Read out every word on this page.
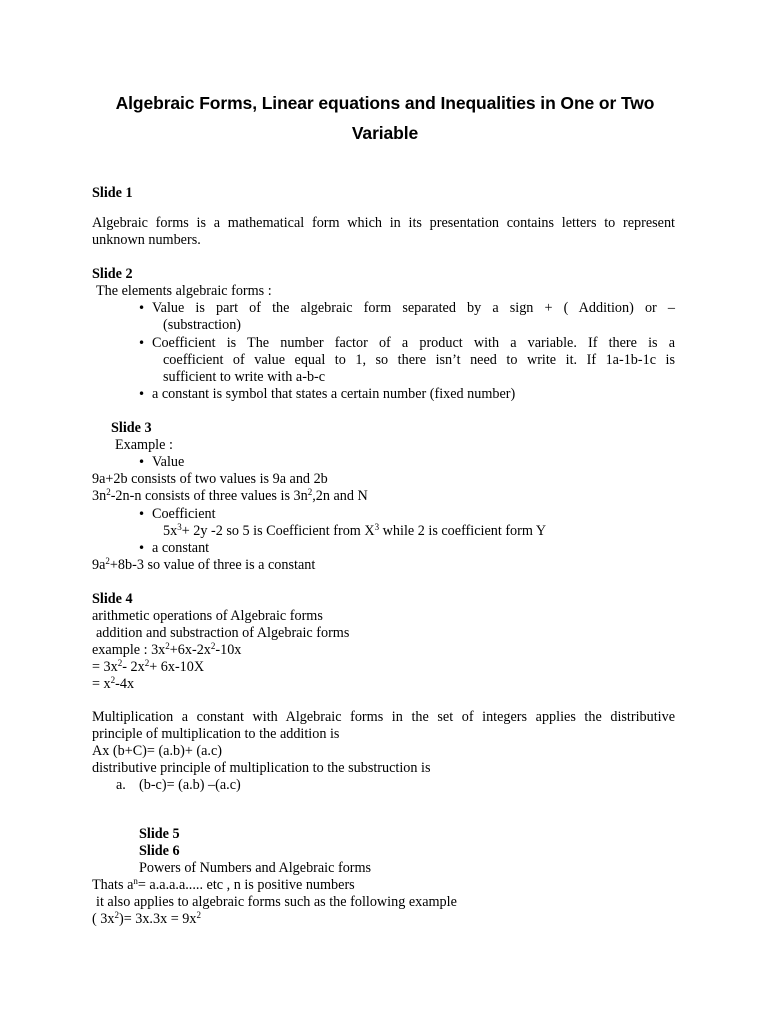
Algebraic Forms, Linear equations and Inequalities in One or Two Variable
Slide 1
Algebraic forms is a mathematical form which in its presentation contains letters to represent
unknown numbers.
Slide 2
The elements algebraic forms :
• Value is part of the algebraic form separated by a sign + ( Addition) or –
(substraction)
• Coefficient is The number factor of a product with a variable. If there is a
coefficient of value equal to 1, so there isn’t need to write it. If 1a-1b-1c is
sufficient to write with a-b-c
• a constant is symbol that states a certain number (fixed number)
Slide 3
Example :
• Value
9a+2b consists of two values is 9a and 2b
$3n^2-2n-n$ consists of three values is $3n^2,2n$ and N
• Coefficient
$5x^3+ 2y$ -2 so 5 is Coefficient from $X^3$ while 2 is coefficient form Y
• a constant
$9a^2+8b-3$ so value of three is a constant
Slide 4
arithmetic operations of Algebraic forms
addition and substraction of Algebraic forms
example : $3x^2+6x-2x^2-10x$
= $3x^2-$ $2x^2+ 6x-10X$
= $x^2-4x$
Multiplication a constant with Algebraic forms in the set of integers applies the distributive
principle of multiplication to the addition is
Ax (b+C)= (a.b)+ (a.c)
distributive principle of multiplication to the substruction is
a. (b-c)= (a.b) –(a.c)
Slide 5
Slide 6
Powers of Numbers and Algebraic forms
Thats $a^n= a.a.a.a$..... etc , n is positive numbers
it also applies to algebraic forms such as the following example
( $3x^2)= 3x.3x = 9x^2$
